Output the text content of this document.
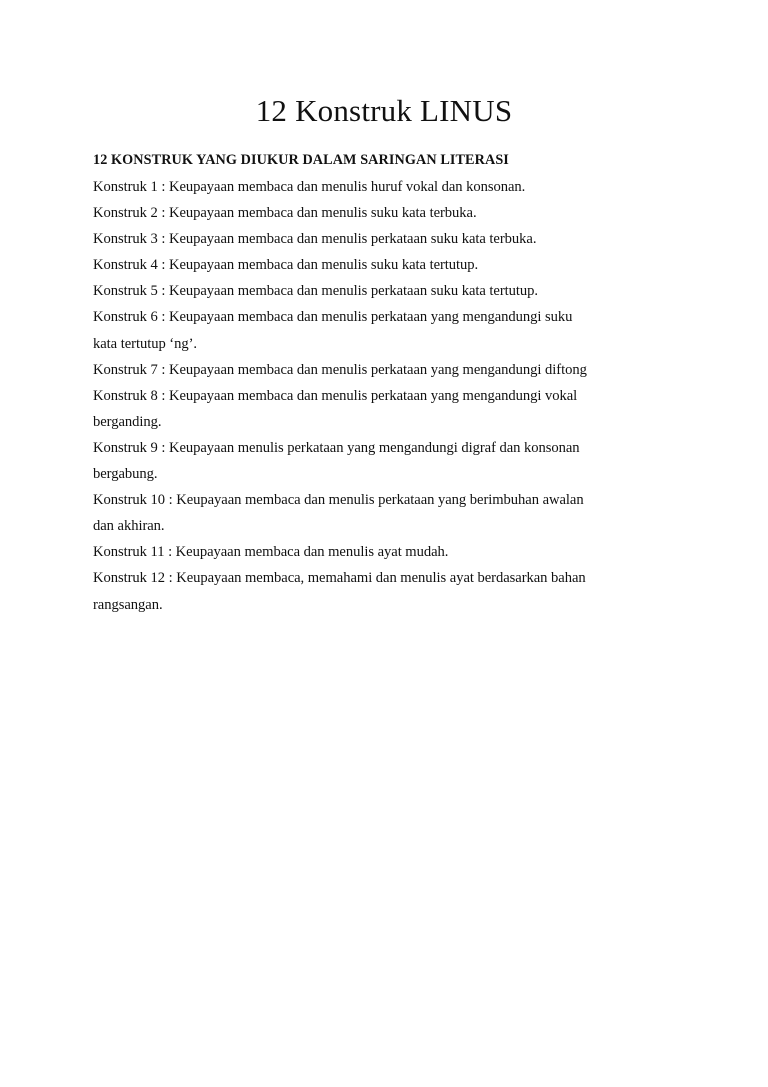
12 Konstruk LINUS
12 KONSTRUK YANG DIUKUR DALAM SARINGAN LITERASI
Konstruk 1 : Keupayaan membaca dan menulis huruf vokal dan konsonan.
Konstruk 2 : Keupayaan membaca dan menulis suku kata terbuka.
Konstruk 3 : Keupayaan membaca dan menulis perkataan suku kata terbuka.
Konstruk 4 : Keupayaan membaca dan menulis suku kata tertutup.
Konstruk 5 : Keupayaan membaca dan menulis perkataan suku kata tertutup.
Konstruk 6 : Keupayaan membaca dan menulis perkataan yang mengandungi suku
kata tertutup ‘ng’.
Konstruk 7 : Keupayaan membaca dan menulis perkataan yang mengandungi diftong
Konstruk 8 : Keupayaan membaca dan menulis perkataan yang mengandungi vokal
berganding.
Konstruk 9 : Keupayaan menulis perkataan yang mengandungi digraf dan konsonan
bergabung.
Konstruk 10 : Keupayaan membaca dan menulis perkataan yang berimbuhan awalan
dan akhiran.
Konstruk 11 : Keupayaan membaca dan menulis ayat mudah.
Konstruk 12 : Keupayaan membaca, memahami dan menulis ayat berdasarkan bahan
rangsangan.
